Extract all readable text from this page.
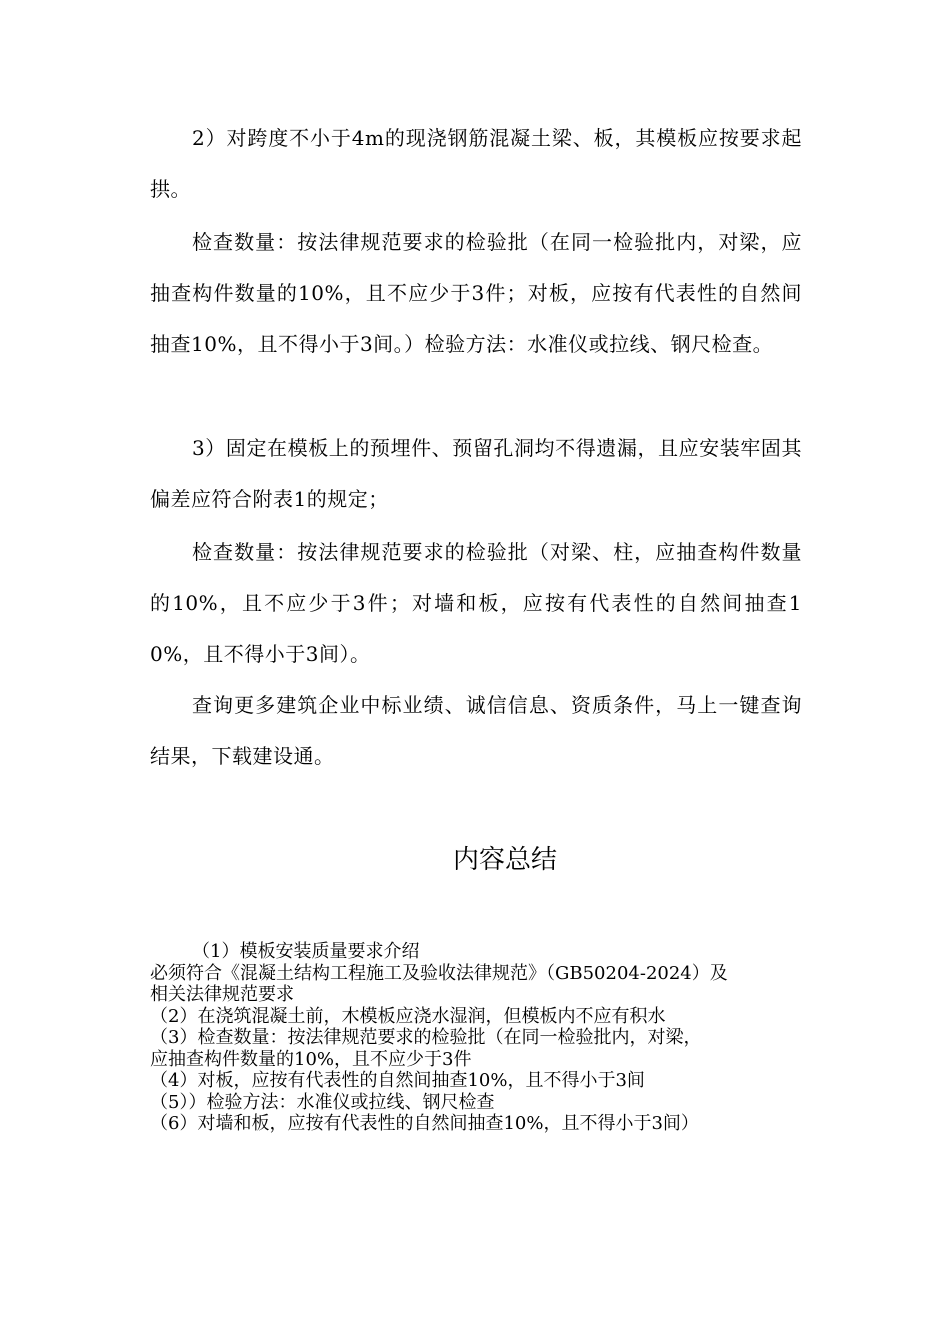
2）对跨度不小于4m的现浇钢筋混凝土梁、板，其模板应按要求起拱。

检查数量：按法律规范要求的检验批（在同一检验批内，对梁，应抽查构件数量的10%，且不应少于3件；对板，应按有代表性的自然间抽查10%，且不得小于3间。）检验方法：水准仪或拉线、钢尺检查。

3）固定在模板上的预埋件、预留孔洞均不得遗漏，且应安装牢固其偏差应符合附表1的规定；

检查数量：按法律规范要求的检验批（对梁、柱，应抽查构件数量的10%，且不应少于3件；对墙和板，应按有代表性的自然间抽查10%，且不得小于3间）。

查询更多建筑企业中标业绩、诚信信息、资质条件，马上一键查询结果，下载建设通。

内容总结
（1）模板安装质量要求介绍
必须符合《混凝土结构工程施工及验收法律规范》（GB50204-2024）及
相关法律规范要求
（2）在浇筑混凝土前，木模板应浇水湿润，但模板内不应有积水
（3）检查数量：按法律规范要求的检验批（在同一检验批内，对梁，
应抽查构件数量的10%，且不应少于3件
（4）对板，应按有代表性的自然间抽查10%，且不得小于3间
（5））检验方法：水准仪或拉线、钢尺检查
（6）对墙和板，应按有代表性的自然间抽查10%，且不得小于3间）
